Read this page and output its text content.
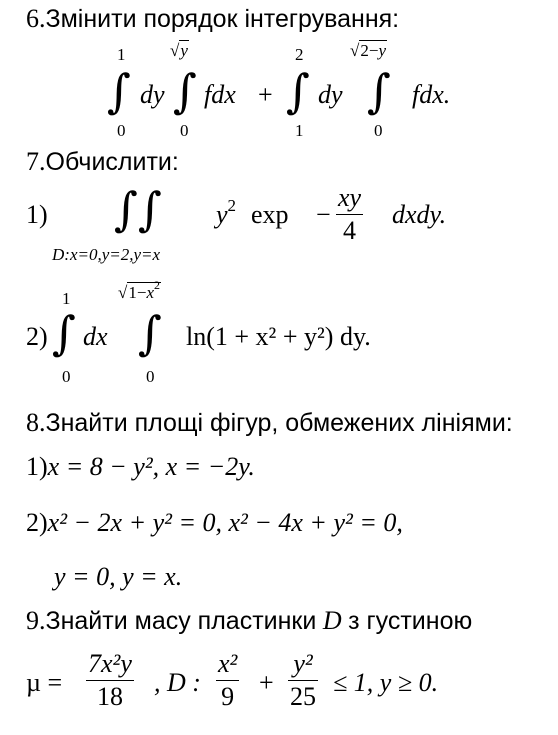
6.Змінити порядок інтегрування:
1
∫
0
dy
√y
∫
0
fdx +
2
∫
1
dy
√2−y
∫
0
fdx.
7.Обчислити:
1) ∫∫
D:x=0,y=2,y=x
$y^2$ exp −
xy
4
dxdy.
2)
1
∫
0
dx
$√1-x^2$
∫
0
ln(1 + x² + y²) dy.
8.Знайти площі фігур, обмежених лініями:
1)x = 8 − y², x = −2y.
2)x² − 2x + y² = 0, x² − 4x + y² = 0,
y = 0, y = x.
9.Знайти масу пластинки D з густиною
µ =
7x²y
18 , D :
x²
9 +
y²
25 ≤ 1, y ≥ 0.
